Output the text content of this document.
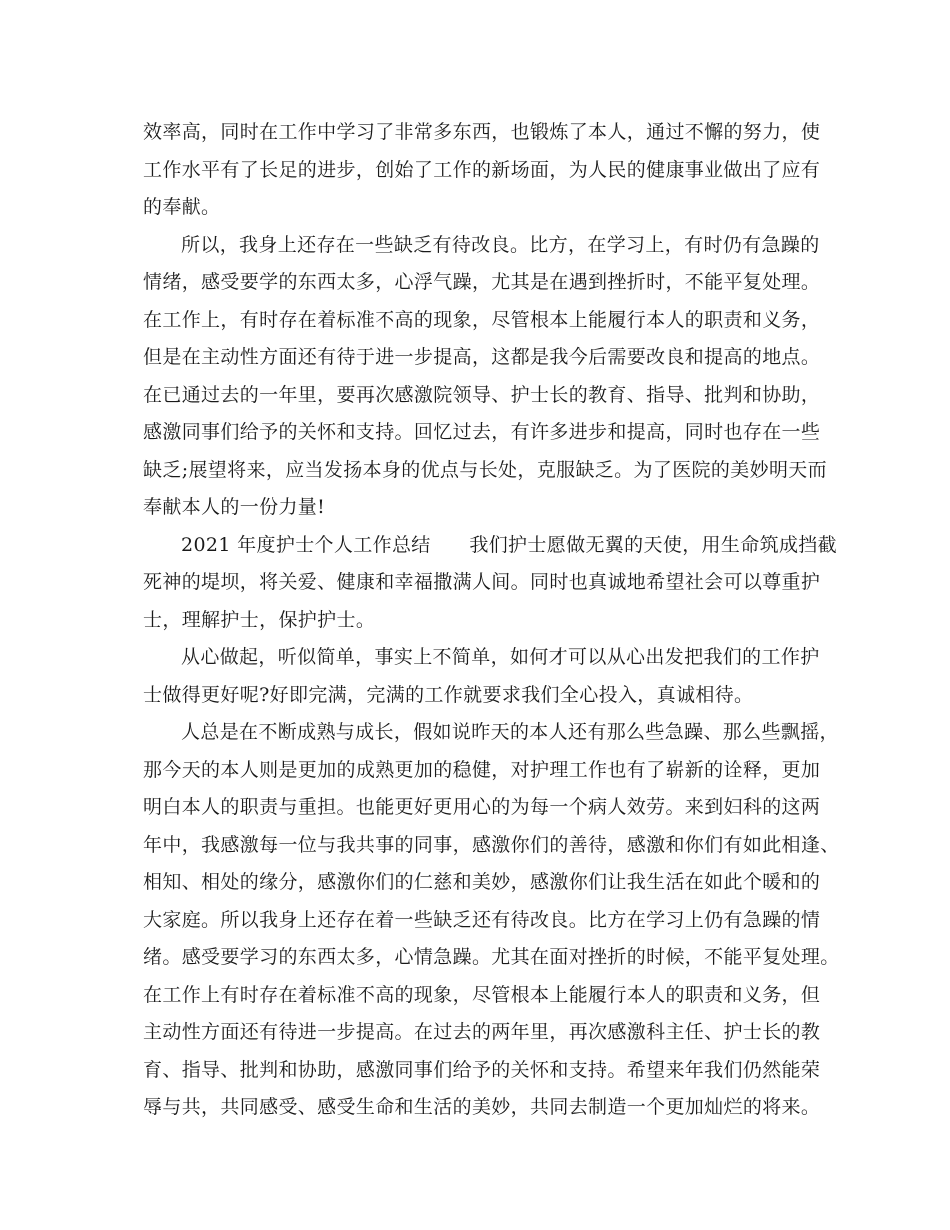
效率高，同时在工作中学习了非常多东西，也锻炼了本人，通过不懈的努力，使
工作水平有了长足的进步，创始了工作的新场面，为人民的健康事业做出了应有
的奉献。
所以，我身上还存在一些缺乏有待改良。比方，在学习上，有时仍有急躁的
情绪，感受要学的东西太多，心浮气躁，尤其是在遇到挫折时，不能平复处理。
在工作上，有时存在着标准不高的现象，尽管根本上能履行本人的职责和义务，
但是在主动性方面还有待于进一步提高，这都是我今后需要改良和提高的地点。
在已通过去的一年里，要再次感激院领导、护士长的教育、指导、批判和协助，
感激同事们给予的关怀和支持。回忆过去，有许多进步和提高，同时也存在一些
缺乏;展望将来，应当发扬本身的优点与长处，克服缺乏。为了医院的美妙明天而
奉献本人的一份力量!
2021 年度护士个人工作总结　　我们护士愿做无翼的天使，用生命筑成挡截
死神的堤坝，将关爱、健康和幸福撒满人间。同时也真诚地希望社会可以尊重护
士，理解护士，保护护士。
从心做起，听似简单，事实上不简单，如何才可以从心出发把我们的工作护
士做得更好呢?好即完满，完满的工作就要求我们全心投入，真诚相待。
人总是在不断成熟与成长，假如说昨天的本人还有那么些急躁、那么些飘摇，
那今天的本人则是更加的成熟更加的稳健，对护理工作也有了崭新的诠释，更加
明白本人的职责与重担。也能更好更用心的为每一个病人效劳。来到妇科的这两
年中，我感激每一位与我共事的同事，感激你们的善待，感激和你们有如此相逢、
相知、相处的缘分，感激你们的仁慈和美妙，感激你们让我生活在如此个暖和的
大家庭。所以我身上还存在着一些缺乏还有待改良。比方在学习上仍有急躁的情
绪。感受要学习的东西太多，心情急躁。尤其在面对挫折的时候，不能平复处理。
在工作上有时存在着标准不高的现象，尽管根本上能履行本人的职责和义务，但
主动性方面还有待进一步提高。在过去的两年里，再次感激科主任、护士长的教
育、指导、批判和协助，感激同事们给予的关怀和支持。希望来年我们仍然能荣
辱与共，共同感受、感受生命和生活的美妙，共同去制造一个更加灿烂的将来。
